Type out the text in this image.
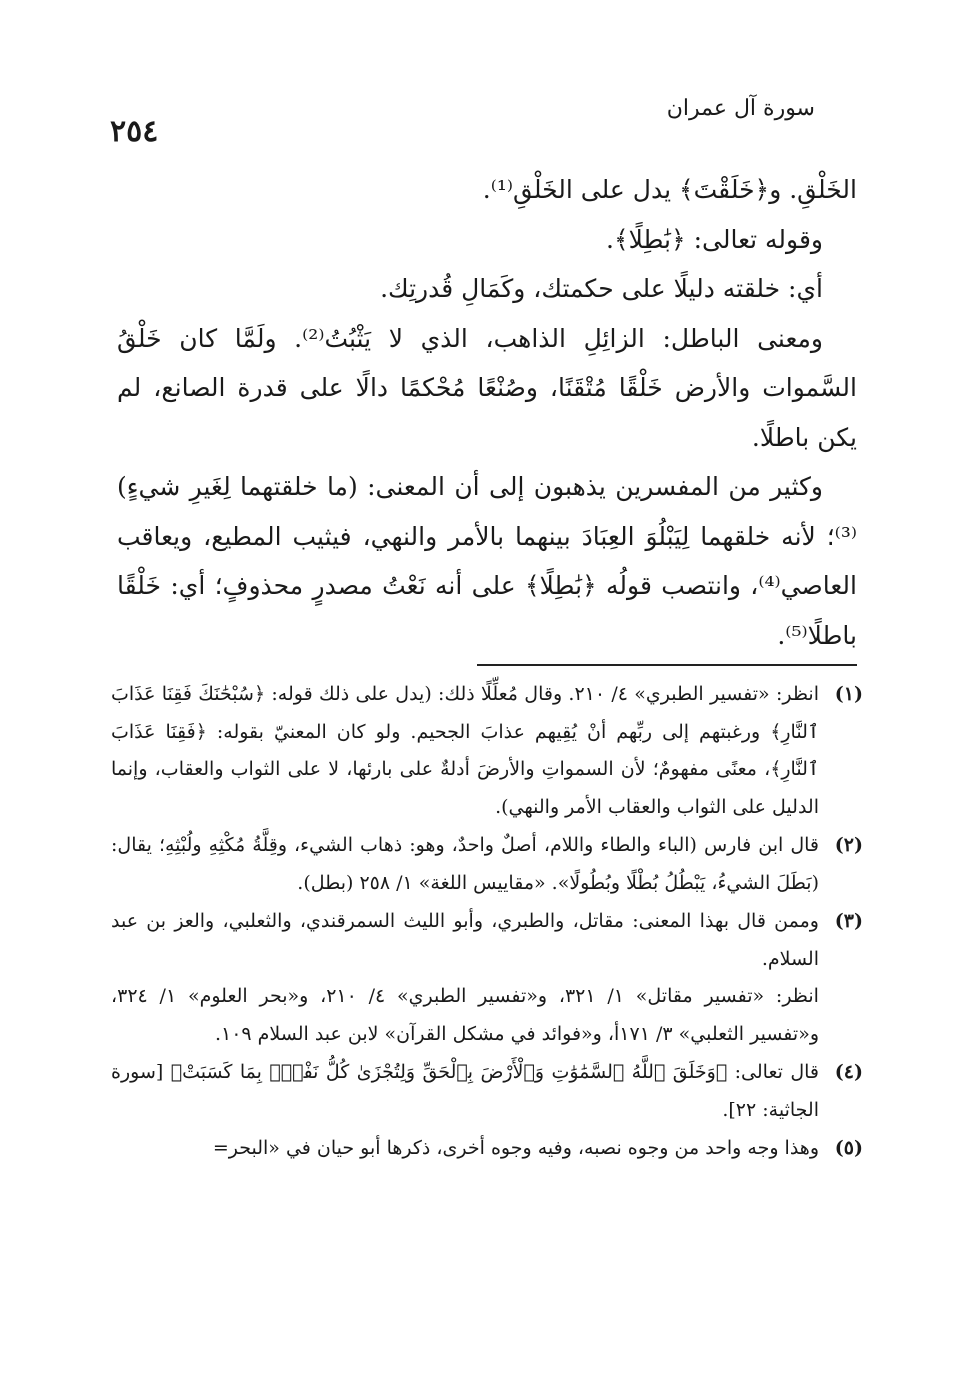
٢٥٤
سورة آل عمران

الخَلْقِ. و﴿خَلَقْتَ﴾ يدل على الخَلْقِ⁽¹⁾.

وقوله تعالى: ﴿بَٰطِلًا﴾.

أي: خلقته دليلًا على حكمتك، وكَمَالِ قُدرتِك.

ومعنى الباطل: الزائِلِ الذاهب، الذي لا يَثْبُتُ⁽²⁾. ولَمَّا كان خَلْقُ السَّموات والأرض خَلْقًا مُتْقَنًا، وصُنْعًا مُحْكمًا دالًا على قدرة الصانع، لم يكن باطلًا.

وكثير من المفسرين يذهبون إلى أن المعنى: (ما خلقتهما لِغَيرِ شيءٍ)⁽³⁾؛ لأنه خلقهما لِيَبْلُوَ العِبَادَ بينهما بالأمر والنهي، فيثيب المطيع، ويعاقب العاصي⁽⁴⁾، وانتصب قولُه ﴿بَٰطِلًا﴾ على أنه نَعْتُ مصدرٍ محذوفٍ؛ أي: خَلْقًا باطلًا⁽⁵⁾.

(١)

انظر: «تفسير الطبري» ٤/ ٢١٠. وقال مُعلِّلًا ذلك: (يدل على ذلك قوله: ﴿سُبْحَٰنَكَ فَقِنَا عَذَابَ ٱلنَّارِ﴾ ورغبتهم إلى ربِّهم أنْ يُقِيهم عذابَ الجحيم. ولو كان المعنيّ بقوله: ﴿فَقِنَا عَذَابَ ٱلنَّارِ﴾، معنًى مفهومٌ؛ لأن السمواتِ والأرضَ أدلةٌ على بارئها، لا على الثواب والعقاب، وإنما الدليل على الثواب والعقاب الأمر والنهي).

(٢)

قال ابن فارس (الباء والطاء واللام، أصلٌ واحدٌ، وهو: ذهاب الشيء، وقِلَّةُ مُكْثِهِ ولُبْثِهِ؛ يقال: (بَطَلَ الشيءُ، يَبْطُلُ بُطْلًا وبُطُولًا». «مقاييس اللغة» ١/ ٢٥٨ (بطل).

(٣)

وممن قال بهذا المعنى: مقاتل، والطبري، وأبو الليث السمرقندي، والثعلبي، والعز بن عبد السلام.

انظر: «تفسير مقاتل» ١/ ٣٢١، و«تفسير الطبري» ٤/ ٢١٠، و«بحر العلوم» ١/ ٣٢٤، و«تفسير الثعلبي» ٣/ ١٧١أ، و«فوائد في مشكل القرآن» لابن عبد السلام ١٠٩.

(٤)

قال تعالى: ﴿وَخَلَقَ ٱللَّهُ ٱلسَّمَٰوَٰتِ وَٱلْأَرْضَ بِٱلْحَقِّ وَلِتُجْزَىٰ كُلُّ نَفْسٍۭ بِمَا كَسَبَتْ﴾ [سورة الجاثية: ٢٢].

(٥)

وهذا وجه واحد من وجوه نصبه، وفيه وجوه أخرى، ذكرها أبو حيان في «البحر=
